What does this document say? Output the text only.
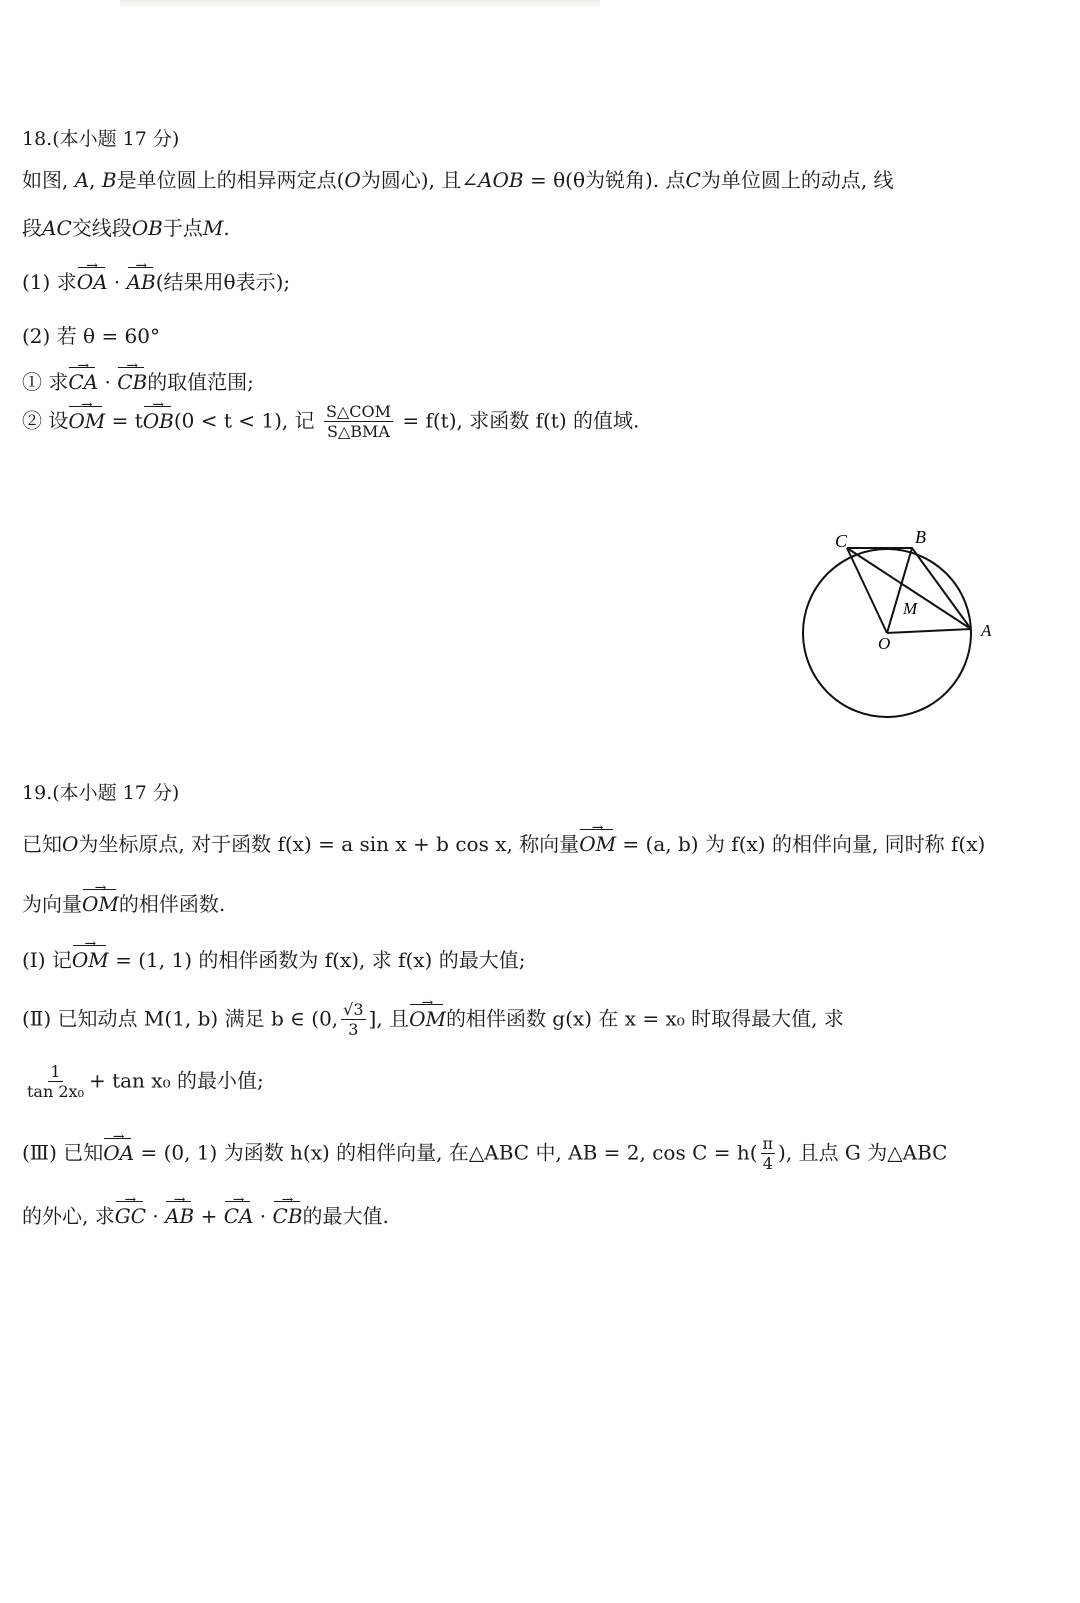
18.(本小题 17 分)
如图, A, B是单位圆上的相异两定点(O为圆心), 且∠AOB = θ(θ为锐角). 点C为单位圆上的动点, 线
段AC交线段OB于点M.
(1) 求→ OA · → AB(结果用θ表示);
(2) 若 θ = 60°
① 求→ CA · → CB的取值范围;
② 设→ OM = t→ OB(0 < t < 1), 记 $\frac{\text{S△COM}}{\text{S△BMA}} = f(t)$, 求函数 f(t) 的值域.
C	B
M
O
A
19.(本小题 17 分)
已知O为坐标原点, 对于函数 f(x) = a sin x + b cos x, 称向量→ OM = (a, b) 为 f(x) 的相伴向量, 同时称 f(x)
为向量→ OM的相伴函数.
(Ⅰ) 记→ OM = (1, 1) 的相伴函数为 f(x), 求 f(x) 的最大值;
(Ⅱ) 已知动点 M(1, b) 满足 b ∈ (0, $\frac{√3}{3}$ ], 且→ OM的相伴函数 g(x) 在 x = x₀ 时取得最大值, 求
$\frac{1}{\text{tan 2x₀}} + \tan x_0$ 的最小值;
(Ⅲ) 已知→ OA = (0, 1) 为函数 h(x) 的相伴向量, 在△ABC 中, AB = 2, $\cos C = h( \frac{\pi}{4}$ ), 且点 G 为△ABC
的外心, 求→ GC · → AB + → CA · → CB的最大值.
